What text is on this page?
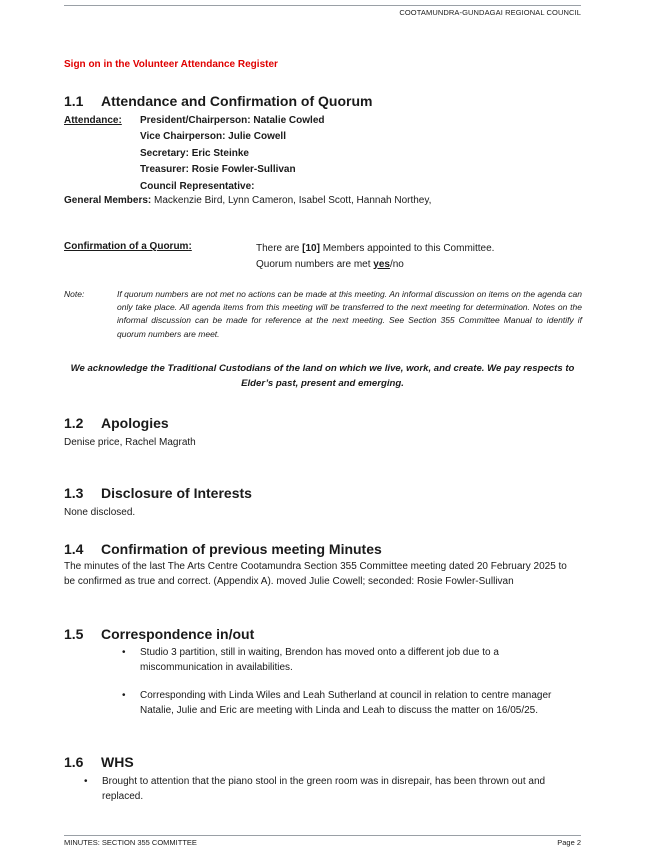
COOTAMUNDRA-GUNDAGAI REGIONAL COUNCIL
Sign on in the Volunteer Attendance Register
1.1 Attendance and Confirmation of Quorum
Attendance: President/Chairperson: Natalie Cowled
Vice Chairperson: Julie Cowell
Secretary: Eric Steinke
Treasurer: Rosie Fowler-Sullivan
Council Representative:
General Members: Mackenzie Bird, Lynn Cameron, Isabel Scott, Hannah Northey,
Confirmation of a Quorum:	There are [10] Members appointed to this Committee.
Quorum numbers are met yes/no
Note:	If quorum numbers are not met no actions can be made at this meeting. An informal discussion on items on the agenda can only take place. All agenda items from this meeting will be transferred to the next meeting for determination. Notes on the informal discussion can be made for reference at the next meeting. See Section 355 Committee Manual to identify if quorum numbers are meet.
We acknowledge the Traditional Custodians of the land on which we live, work, and create. We pay respects to Elder’s past, present and emerging.
1.2 Apologies
Denise price, Rachel Magrath
1.3 Disclosure of Interests
None disclosed.
1.4 Confirmation of previous meeting Minutes
The minutes of the last The Arts Centre Cootamundra Section 355 Committee meeting dated 20 February 2025 to be confirmed as true and correct. (Appendix A). moved Julie Cowell; seconded: Rosie Fowler-Sullivan
1.5 Correspondence in/out
• Studio 3 partition, still in waiting, Brendon has moved onto a different job due to a miscommunication in availabilities.
• Corresponding with Linda Wiles and Leah Sutherland at council in relation to centre manager Natalie, Julie and Eric are meeting with Linda and Leah to discuss the matter on 16/05/25.
1.6 WHS
• Brought to attention that the piano stool in the green room was in disrepair, has been thrown out and replaced.
MINUTES: SECTION 355 COMMITTEE	Page 2
